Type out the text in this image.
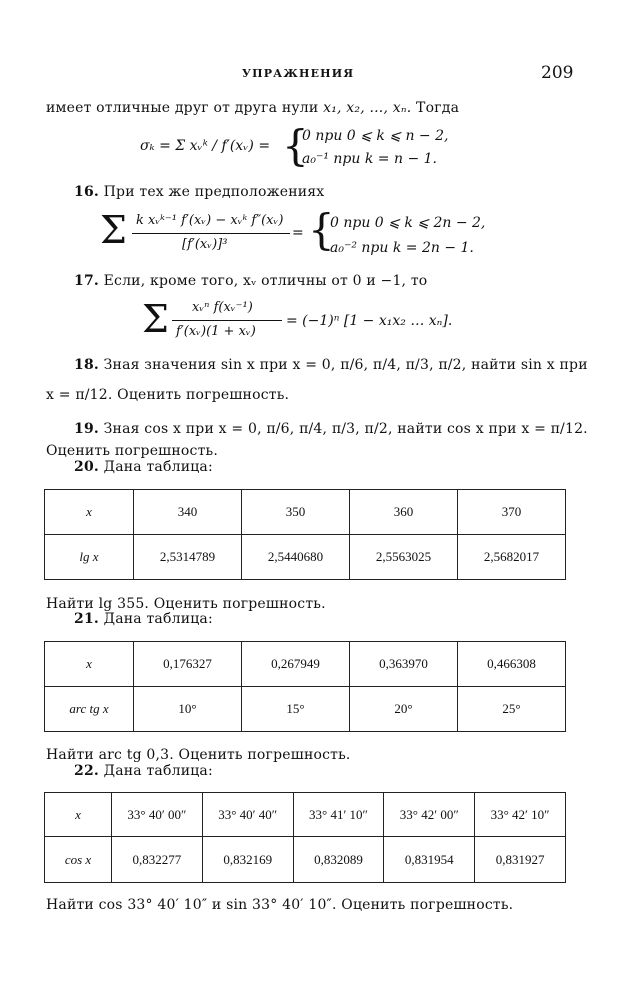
УПРАЖНЕНИЯ	209
имеет отличные друг от друга нули x₁, x₂, ..., xₙ. Тогда
σₖ = Σ xᵥᵏ / f′(xᵥ) = {
0 при 0 ⩽ k ⩽ n − 2,
a₀⁻¹ при k = n − 1.
16. При тех же предположениях
Σ k xᵥᵏ⁻¹ f′(xᵥ) − xᵥᵏ f″(xᵥ)
[f′(xᵥ)]³
= {
0 при 0 ⩽ k ⩽ 2n − 2,
a₀⁻² при k = 2n − 1.
17. Если, кроме того, xᵥ отличны от 0 и −1, то
Σ xᵥⁿ f(xᵥ⁻¹)
f′(xᵥ)(1 + xᵥ)
= (−1)ⁿ [1 − x₁x₂ … xₙ].
18. Зная значения sin x при x = 0, π/6, π/4, π/3, π/2, найти sin x при
x = π/12. Оценить погрешность.
19. Зная cos x при x = 0, π/6, π/4, π/3, π/2, найти cos x при x = π/12.
Оценить погрешность.
20. Дана таблица:
x	340	350	360	370
lg x	2,5314789	2,5440680	2,5563025	2,5682017
Найти lg 355. Оценить погрешность.
21. Дана таблица:
x	0,176327	0,267949	0,363970	0,466308
arc tg x	10°	15°	20°	25°
Найти arc tg 0,3. Оценить погрешность.
22. Дана таблица:
x	33° 40′ 00″	33° 40′ 40″	33° 41′ 10″	33° 42′ 00″	33° 42′ 10″
cos x	0,832277	0,832169	0,832089	0,831954	0,831927
Найти cos 33° 40′ 10″ и sin 33° 40′ 10″. Оценить погрешность.
